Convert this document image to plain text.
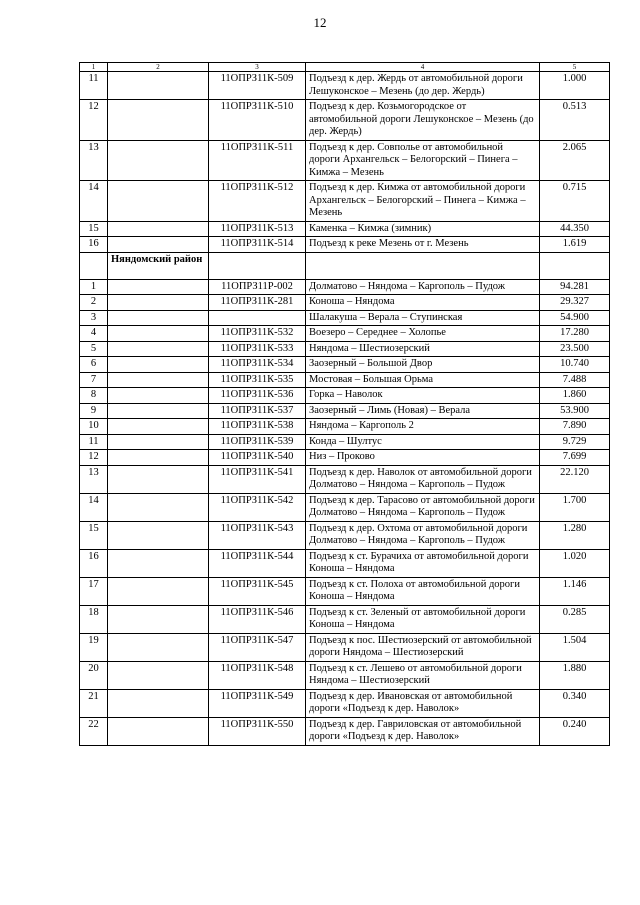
12
1	2	3	4	5
11		11ОПРЗ11К-509	Подъезд к дер. Жердь от автомобильной дороги Лешуконское – Мезень (до дер. Жердь)	1.000
12		11ОПРЗ11К-510	Подъезд к дер. Козьмогородское от автомобильной дороги Лешуконское – Мезень (до дер. Жердь)	0.513
13		11ОПРЗ11К-511	Подъезд к дер. Совполье от автомобильной дороги Архангельск – Белогорский – Пинега – Кимжа – Мезень	2.065
14		11ОПРЗ11К-512	Подъезд к дер. Кимжа от автомобильной дороги Архангельск – Белогорский – Пинега – Кимжа – Мезень	0.715
15		11ОПРЗ11К-513	Каменка – Кимжа (зимник)	44.350
16		11ОПРЗ11К-514	Подъезд к реке Мезень от г. Мезень	1.619
	Няндомский район			
1		11ОПРЗ11Р-002	Долматово – Няндома – Каргополь – Пудож	94.281
2		11ОПРЗ11К-281	Коноша – Няндома	29.327
3			Шалакуша – Верала – Ступинская	54.900
4		11ОПРЗ11К-532	Воезеро – Середнее – Холопье	17.280
5		11ОПРЗ11К-533	Няндома – Шестиозерский	23.500
6		11ОПРЗ11К-534	Заозерный – Большой Двор	10.740
7		11ОПРЗ11К-535	Мостовая – Большая Орьма	7.488
8		11ОПРЗ11К-536	Горка – Наволок	1.860
9		11ОПРЗ11К-537	Заозерный – Лимь (Новая) – Верала	53.900
10		11ОПРЗ11К-538	Няндома – Каргополь 2	7.890
11		11ОПРЗ11К-539	Конда – Шултус	9.729
12		11ОПРЗ11К-540	Низ – Проково	7.699
13		11ОПРЗ11К-541	Подъезд к дер. Наволок от автомобильной дороги Долматово – Няндома – Каргополь – Пудож	22.120
14		11ОПРЗ11К-542	Подъезд к дер. Тарасово от автомобильной дороги Долматово – Няндома – Каргополь – Пудож	1.700
15		11ОПРЗ11К-543	Подъезд к дер. Охтома от автомобильной дороги Долматово – Няндома – Каргополь – Пудож	1.280
16		11ОПРЗ11К-544	Подъезд к ст. Бурачиха от автомобильной дороги Коноша – Няндома	1.020
17		11ОПРЗ11К-545	Подъезд к ст. Полоха от автомобильной дороги Коноша – Няндома	1.146
18		11ОПРЗ11К-546	Подъезд к ст. Зеленый от автомобильной дороги Коноша – Няндома	0.285
19		11ОПРЗ11К-547	Подъезд к пос. Шестиозерский от автомобильной дороги Няндома – Шестиозерский	1.504
20		11ОПРЗ11К-548	Подъезд к ст. Лешево от автомобильной дороги Няндома – Шестиозерский	1.880
21		11ОПРЗ11К-549	Подъезд к дер. Ивановская от автомобильной дороги «Подъезд к дер. Наволок»	0.340
22		11ОПРЗ11К-550	Подъезд к дер. Гавриловская от автомобильной дороги «Подъезд к дер. Наволок»	0.240
